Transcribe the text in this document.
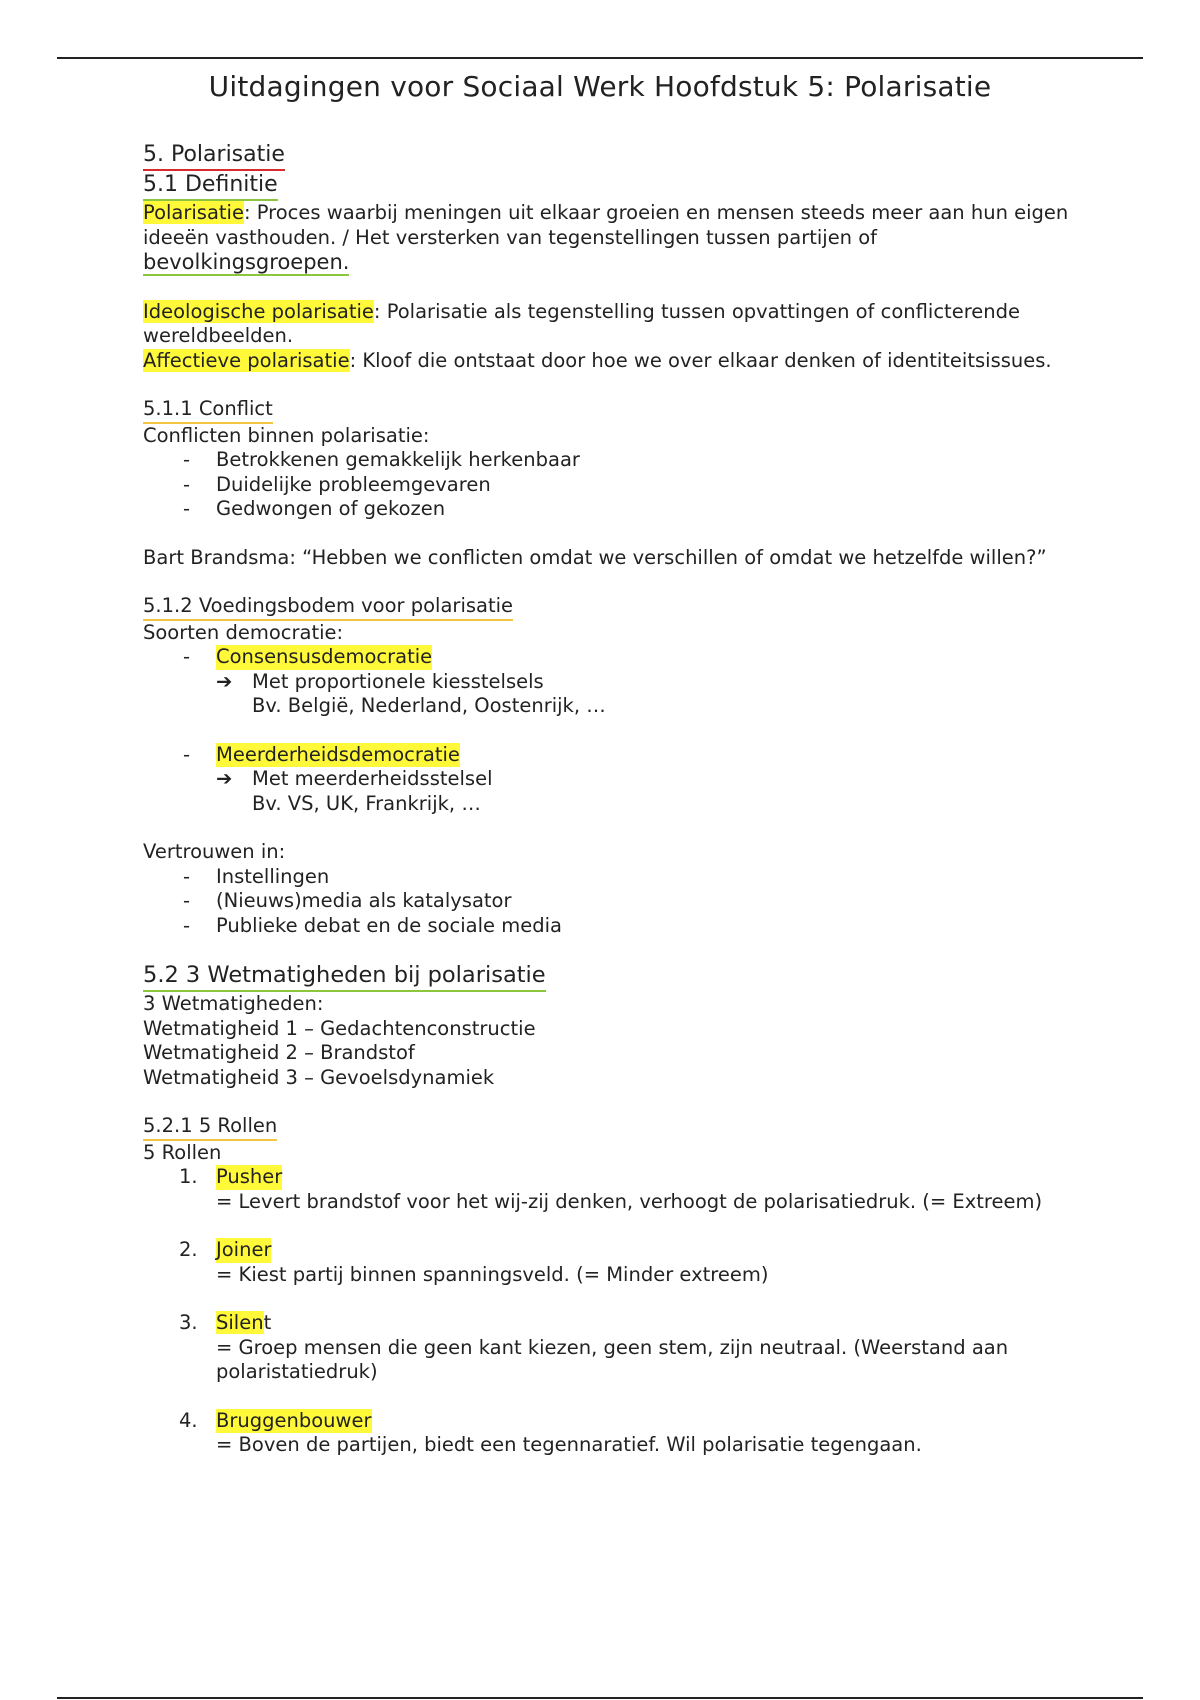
Uitdagingen voor Sociaal Werk Hoofdstuk 5: Polarisatie

5. Polarisatie

5.1 Definitie

Polarisatie: Proces waarbij meningen uit elkaar groeien en mensen steeds meer aan hun eigen ideeën vasthouden. / Het versterken van tegenstellingen tussen partijen of bevolkingsgroepen.

Ideologische polarisatie: Polarisatie als tegenstelling tussen opvattingen of conflicterende wereldbeelden.

Affectieve polarisatie: Kloof die ontstaat door hoe we over elkaar denken of identiteitsissues.

5.1.1 Conflict

Conflicten binnen polarisatie:

-	Betrokkenen gemakkelijk herkenbaar
-	Duidelijke probleemgevaren
-	Gedwongen of gekozen

Bart Brandsma: “Hebben we conflicten omdat we verschillen of omdat we hetzelfde willen?”

5.1.2 Voedingsbodem voor polarisatie

Soorten democratie:

-	Consensusdemocratie
➔	Met proportionele kiesstelsels

Bv. België, Nederland, Oostenrijk, …

-	Meerderheidsdemocratie
➔	Met meerderheidsstelsel

Bv. VS, UK, Frankrijk, …

Vertrouwen in:

-	Instellingen
-	(Nieuws)media als katalysator
-	Publieke debat en de sociale media

5.2 3 Wetmatigheden bij polarisatie

3 Wetmatigheden:

Wetmatigheid 1 – Gedachtenconstructie

Wetmatigheid 2 – Brandstof

Wetmatigheid 3 – Gevoelsdynamiek

5.2.1 5 Rollen

5 Rollen

1. Pusher

= Levert brandstof voor het wij-zij denken, verhoogt de polarisatiedruk. (= Extreem)

2. Joiner

= Kiest partij binnen spanningsveld. (= Minder extreem)

3. Silent

= Groep mensen die geen kant kiezen, geen stem, zijn neutraal. (Weerstand aan polaristatiedruk)

4. Bruggenbouwer

= Boven de partijen, biedt een tegennaratief. Wil polarisatie tegengaan.
